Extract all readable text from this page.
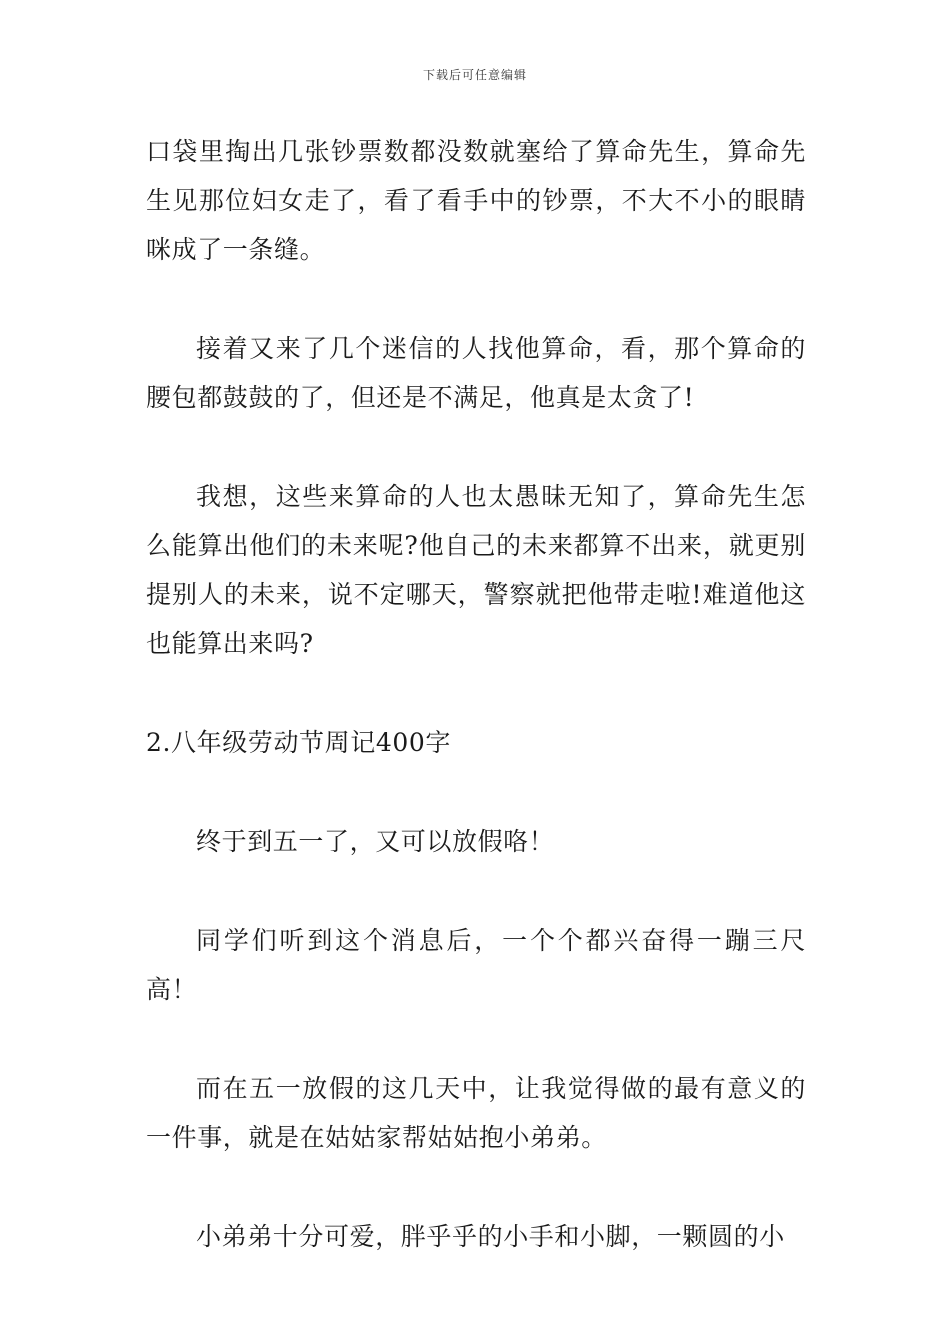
下载后可任意编辑

口袋里掏出几张钞票数都没数就塞给了算命先生，算命先生见那位妇女走了，看了看手中的钞票，不大不小的眼睛咪成了一条缝。

接着又来了几个迷信的人找他算命，看，那个算命的腰包都鼓鼓的了，但还是不满足，他真是太贪了!

我想，这些来算命的人也太愚昧无知了，算命先生怎么能算出他们的未来呢?他自己的未来都算不出来，就更别提别人的未来，说不定哪天，警察就把他带走啦!难道他这也能算出来吗?

2.八年级劳动节周记400字

终于到五一了，又可以放假咯！

同学们听到这个消息后，一个个都兴奋得一蹦三尺高！

而在五一放假的这几天中，让我觉得做的最有意义的一件事，就是在姑姑家帮姑姑抱小弟弟。

小弟弟十分可爱，胖乎乎的小手和小脚，一颗圆的小
